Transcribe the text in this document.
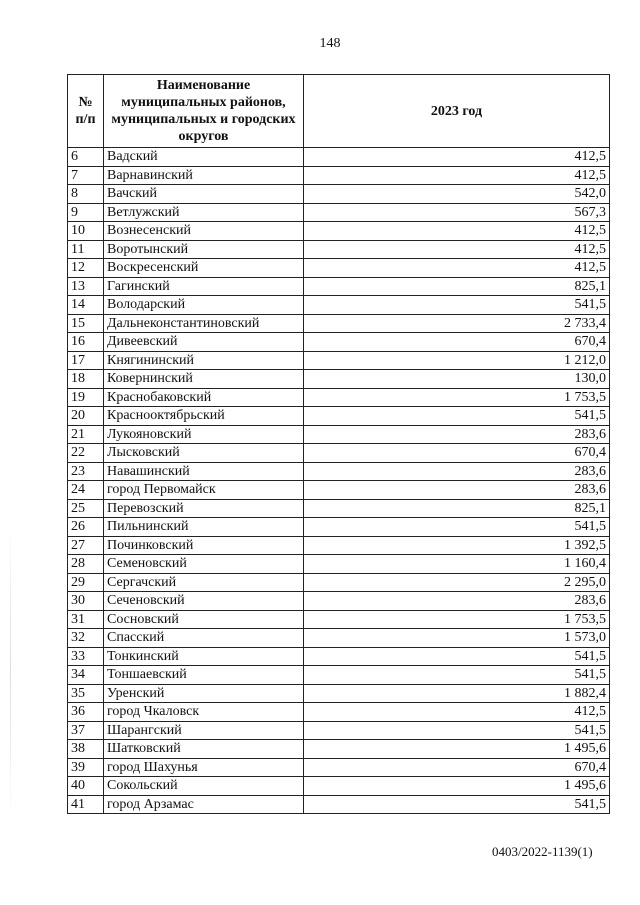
148
№ п/п	Наименование муниципальных районов, муниципальных и городских округов	2023 год
6	Вадский	412,5
7	Варнавинский	412,5
8	Вачский	542,0
9	Ветлужский	567,3
10	Вознесенский	412,5
11	Воротынский	412,5
12	Воскресенский	412,5
13	Гагинский	825,1
14	Володарский	541,5
15	Дальнеконстантиновский	2 733,4
16	Дивеевский	670,4
17	Княгининский	1 212,0
18	Ковернинский	130,0
19	Краснобаковский	1 753,5
20	Краснооктябрьский	541,5
21	Лукояновский	283,6
22	Лысковский	670,4
23	Навашинский	283,6
24	город Первомайск	283,6
25	Перевозский	825,1
26	Пильнинский	541,5
27	Починковский	1 392,5
28	Семеновский	1 160,4
29	Сергачский	2 295,0
30	Сеченовский	283,6
31	Сосновский	1 753,5
32	Спасский	1 573,0
33	Тонкинский	541,5
34	Тоншаевский	541,5
35	Уренский	1 882,4
36	город Чкаловск	412,5
37	Шарангский	541,5
38	Шатковский	1 495,6
39	город Шахунья	670,4
40	Сокольский	1 495,6
41	город Арзамас	541,5
0403/2022-1139(1)
